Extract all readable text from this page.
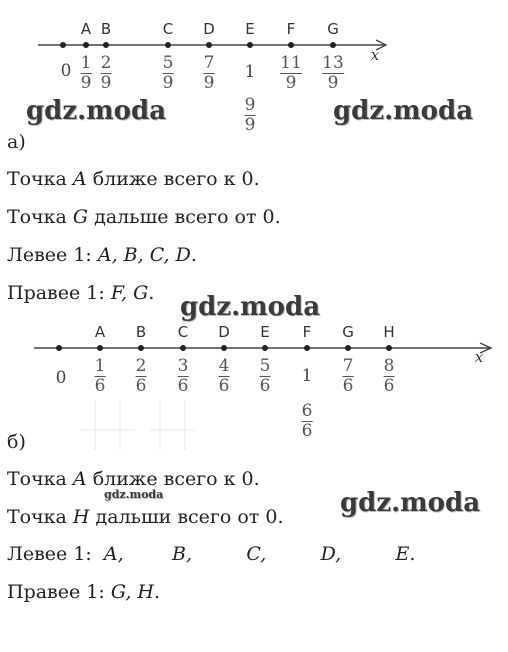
A B	C D E F G
x
0 1
9
2
9
5
9
7
9
1 11
9
13
9
9
9
gdz.moda	gdz.moda
а)
Точка A ближе всего к 0.
Точка G дальше всего от 0.
Левее 1: A, B, C, D.
Правее 1: F, G. gdz.moda
A B C D E F G H
x
0
1
6
2
6
3
6
4
6
5
6 1 7
6
8
6
6
6
б)
Точка A ближе всего к 0.
gdz.moda
Точка H дальши всего от 0. gdz.moda
Левее 1:  A,        B,         C,         D,         E.
Правее 1: G, H.
